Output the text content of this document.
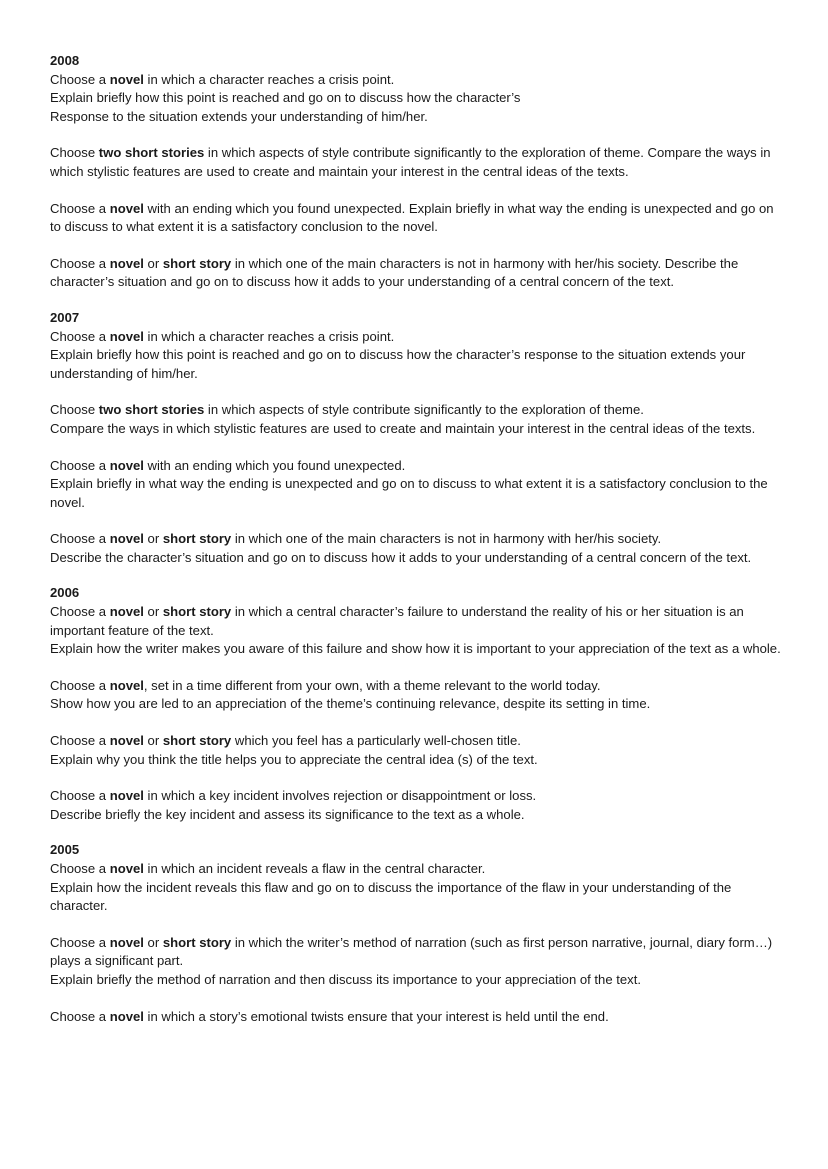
2008

Choose a novel in which a character reaches a crisis point.

Explain briefly how this point is reached and go on to discuss how the character’s

Response to the situation extends your understanding of him/her.

Choose two short stories in which aspects of style contribute significantly to the exploration of theme. Compare the ways in which stylistic features are used to create and maintain your interest in the central ideas of the texts.

Choose a novel with an ending which you found unexpected. Explain briefly in what way the ending is unexpected and go on to discuss to what extent it is a satisfactory conclusion to the novel.

Choose a novel or short story in which one of the main characters is not in harmony with her/his society. Describe the character’s situation and go on to discuss how it adds to your understanding of a central concern of the text.

2007

Choose a novel in which a character reaches a crisis point.

Explain briefly how this point is reached and go on to discuss how the character’s response to the situation extends your understanding of him/her.

Choose two short stories in which aspects of style contribute significantly to the exploration of theme.

Compare the ways in which stylistic features are used to create and maintain your interest in the central ideas of the texts.

Choose a novel with an ending which you found unexpected.

Explain briefly in what way the ending is unexpected and go on to discuss to what extent it is a satisfactory conclusion to the novel.

Choose a novel or short story in which one of the main characters is not in harmony with her/his society.

Describe the character’s situation and go on to discuss how it adds to your understanding of a central concern of the text.

2006

Choose a novel or short story in which a central character’s failure to understand the reality of his or her situation is an important feature of the text.

Explain how the writer makes you aware of this failure and show how it is important to your appreciation of the text as a whole.

Choose a novel, set in a time different from your own, with a theme relevant to the world today.

Show how you are led to an appreciation of the theme’s continuing relevance, despite its setting in time.

Choose a novel or short story which you feel has a particularly well-chosen title.

Explain why you think the title helps you to appreciate the central idea (s) of the text.

Choose a novel in which a key incident involves rejection or disappointment or loss.

Describe briefly the key incident and assess its significance to the text as a whole.

2005

Choose a novel in which an incident reveals a flaw in the central character.

Explain how the incident reveals this flaw and go on to discuss the importance of the flaw in your understanding of the character.

Choose a novel or short story in which the writer’s method of narration (such as first person narrative, journal, diary form…) plays a significant part.

Explain briefly the method of narration and then discuss its importance to your appreciation of the text.

Choose a novel in which a story’s emotional twists ensure that your interest is held until the end.
